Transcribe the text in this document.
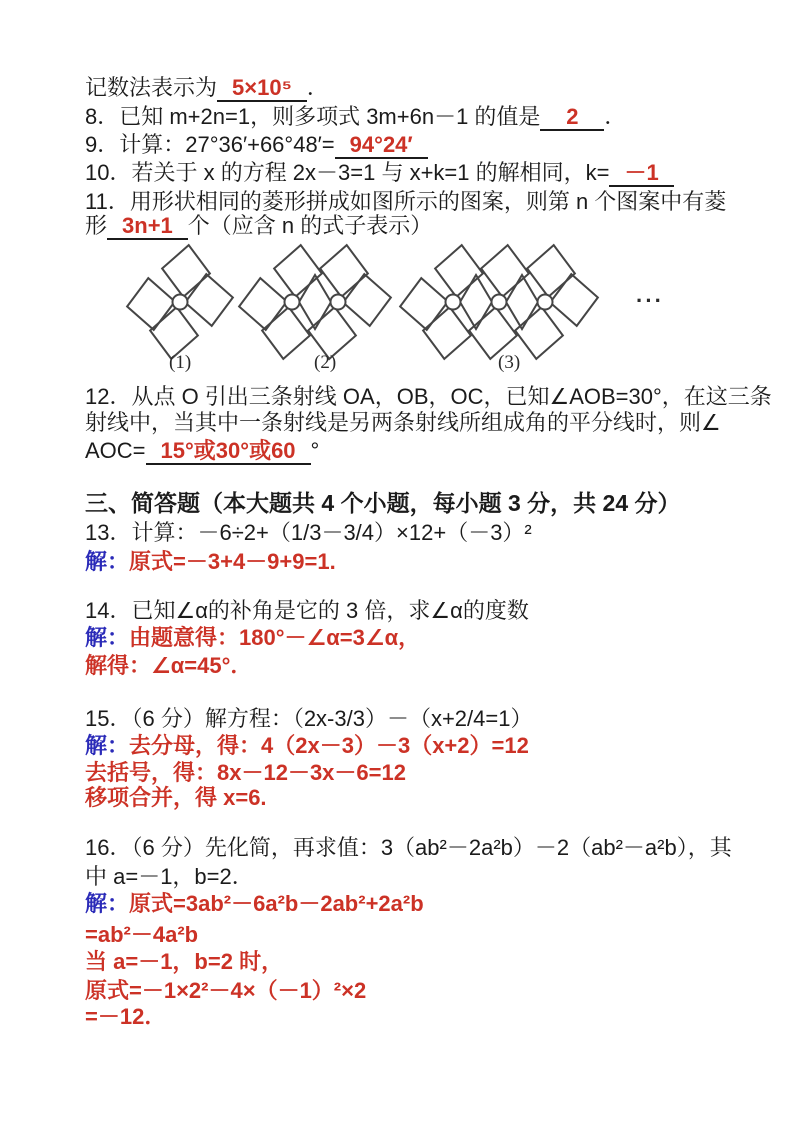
记数法表示为 5×10⁵ ．
8．已知 m+2n=1，则多项式 3m+6n－1 的值是 2 ．
9．计算：27°36′+66°48′= 94°24′
10．若关于 x 的方程 2x－3=1 与 x+k=1 的解相同，k= －1
11．用形状相同的菱形拼成如图所示的图案，则第 n 个图案中有菱
形 3n+1 个（应含 n 的式子表示）
(1)	(2)	(3)
···
12．从点 O 引出三条射线 OA，OB，OC，已知∠AOB=30°，在这三条
射线中，当其中一条射线是另两条射线所组成角的平分线时，则∠
AOC= 15°或30°或60 °
三、简答题（本大题共 4 个小题，每小题 3 分，共 24 分）
13．计算：－6÷2+（1/3－3/4）×12+（－3）²
解：原式=－3+4－9+9=1.
14．已知∠α的补角是它的 3 倍，求∠α的度数
解：由题意得：180°－∠α=3∠α，
解得：∠α=45°．
15．（6 分）解方程：（2x-3/3）－（x+2/4=1）
解：去分母，得：4（2x－3）－3（x+2）=12
去括号，得：8x－12－3x－6=12
移项合并，得 x=6.
16．（6 分）先化简，再求值：3（ab²－2a²b）－2（ab²－a²b），其
中 a=－1，b=2．
解：原式=3ab²－6a²b－2ab²+2a²b
=ab²－4a²b
当 a=－1，b=2 时，
原式=－1×2²－4×（－1）²×2
=－12．
